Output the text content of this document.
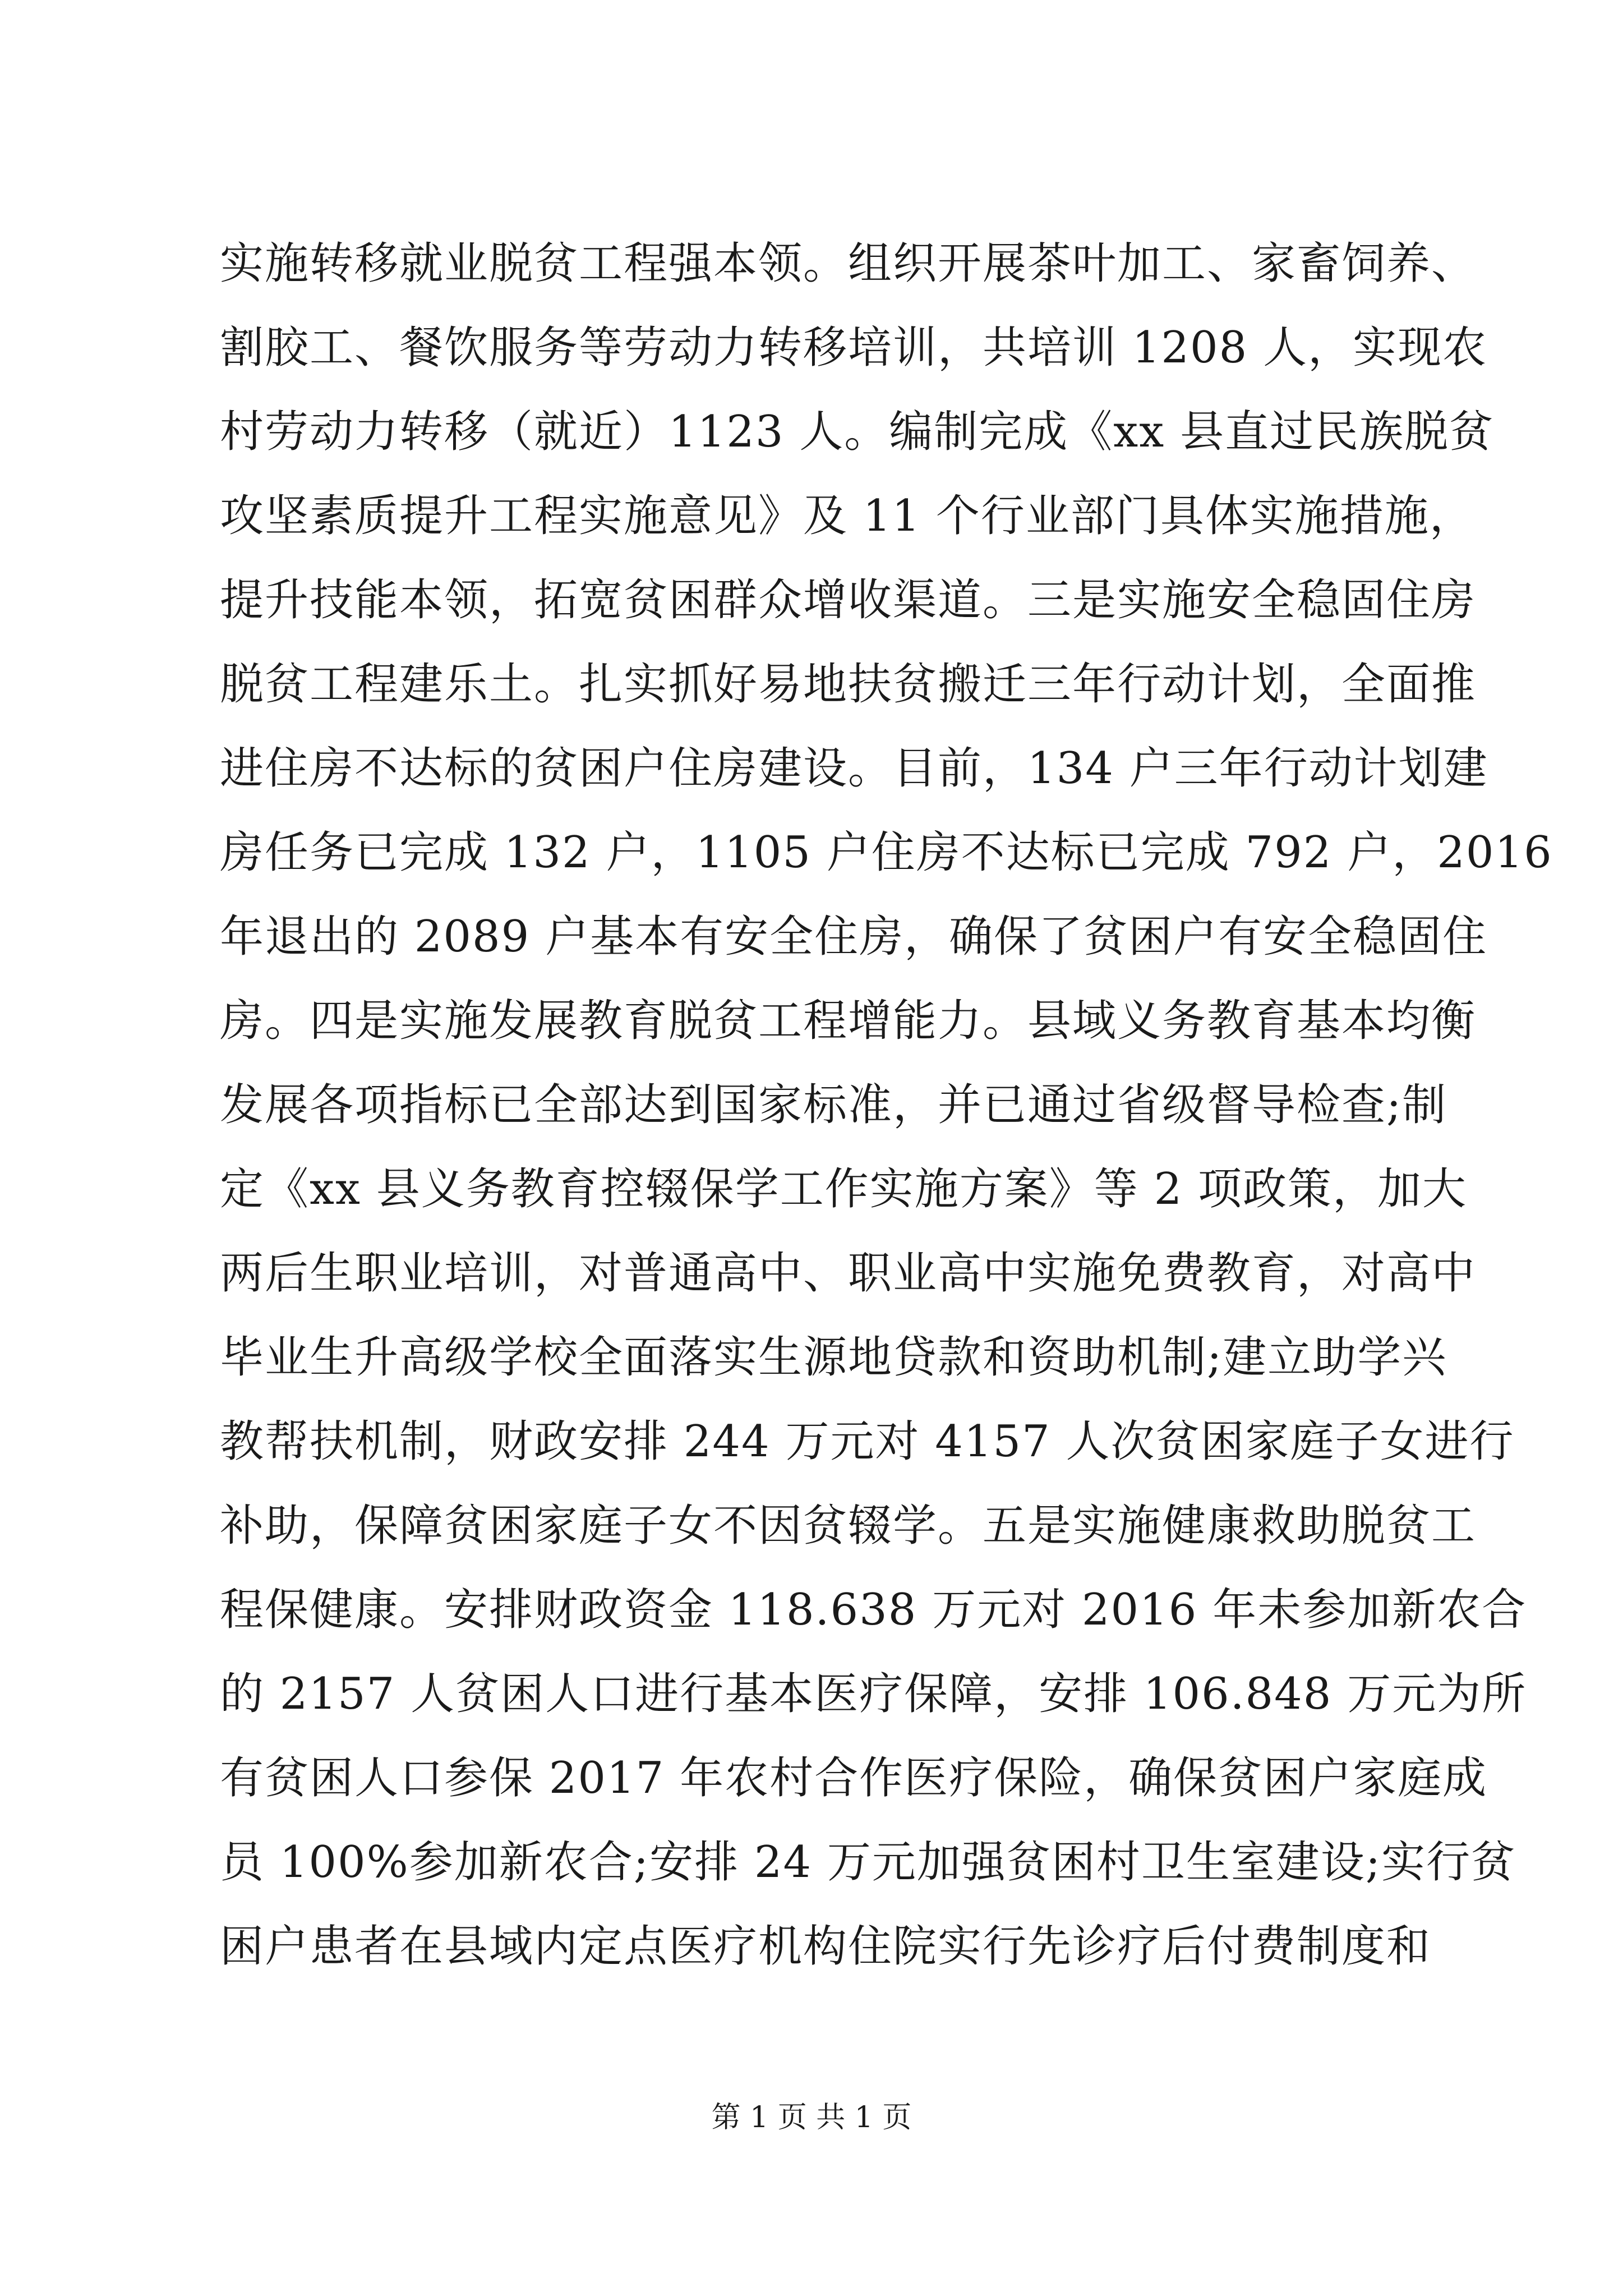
实施转移就业脱贫工程强本领。组织开展茶叶加工、家畜饲养、
割胶工、餐饮服务等劳动力转移培训，共培训 1208 人，实现农
村劳动力转移（就近）1123 人。编制完成《xx 县直过民族脱贫
攻坚素质提升工程实施意见》及 11 个行业部门具体实施措施，
提升技能本领，拓宽贫困群众增收渠道。三是实施安全稳固住房
脱贫工程建乐土。扎实抓好易地扶贫搬迁三年行动计划，全面推
进住房不达标的贫困户住房建设。目前，134 户三年行动计划建
房任务已完成 132 户，1105 户住房不达标已完成 792 户，2016
年退出的 2089 户基本有安全住房，确保了贫困户有安全稳固住
房。四是实施发展教育脱贫工程增能力。县域义务教育基本均衡
发展各项指标已全部达到国家标准，并已通过省级督导检查;制
定《xx 县义务教育控辍保学工作实施方案》等 2 项政策，加大
两后生职业培训，对普通高中、职业高中实施免费教育，对高中
毕业生升高级学校全面落实生源地贷款和资助机制;建立助学兴
教帮扶机制，财政安排 244 万元对 4157 人次贫困家庭子女进行
补助，保障贫困家庭子女不因贫辍学。五是实施健康救助脱贫工
程保健康。安排财政资金 118.638 万元对 2016 年未参加新农合
的 2157 人贫困人口进行基本医疗保障，安排 106.848 万元为所
有贫困人口参保 2017 年农村合作医疗保险，确保贫困户家庭成
员 100%参加新农合;安排 24 万元加强贫困村卫生室建设;实行贫
困户患者在县域内定点医疗机构住院实行先诊疗后付费制度和
第 1 页 共 1 页
